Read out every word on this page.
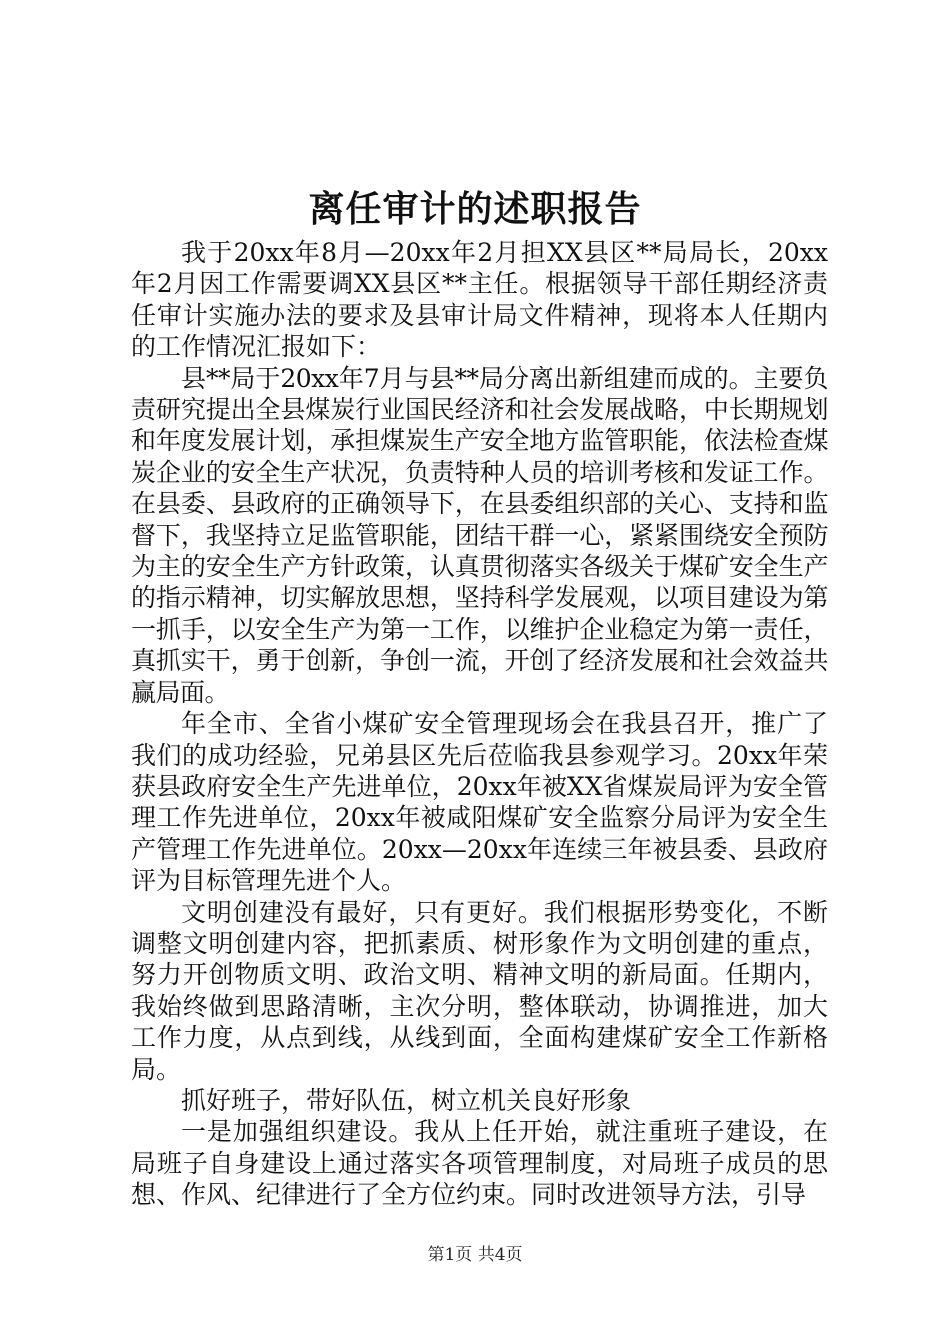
离任审计的述职报告

我于20xx年8月—20xx年2月担XX县区**局局长，20xx年2月因工作需要调XX县区**主任。根据领导干部任期经济责任审计实施办法的要求及县审计局文件精神，现将本人任期内的工作情况汇报如下：

县**局于20xx年7月与县**局分离出新组建而成的。主要负责研究提出全县煤炭行业国民经济和社会发展战略，中长期规划和年度发展计划，承担煤炭生产安全地方监管职能，依法检查煤炭企业的安全生产状况，负责特种人员的培训考核和发证工作。在县委、县政府的正确领导下，在县委组织部的关心、支持和监督下，我坚持立足监管职能，团结干群一心，紧紧围绕安全预防为主的安全生产方针政策，认真贯彻落实各级关于煤矿安全生产的指示精神，切实解放思想，坚持科学发展观，以项目建设为第一抓手，以安全生产为第一工作，以维护企业稳定为第一责任，真抓实干，勇于创新，争创一流，开创了经济发展和社会效益共赢局面。

年全市、全省小煤矿安全管理现场会在我县召开，推广了我们的成功经验，兄弟县区先后莅临我县参观学习。20xx年荣获县政府安全生产先进单位，20xx年被XX省煤炭局评为安全管理工作先进单位，20xx年被咸阳煤矿安全监察分局评为安全生产管理工作先进单位。20xx—20xx年连续三年被县委、县政府评为目标管理先进个人。

文明创建没有最好，只有更好。我们根据形势变化，不断调整文明创建内容，把抓素质、树形象作为文明创建的重点，努力开创物质文明、政治文明、精神文明的新局面。任期内，我始终做到思路清晰，主次分明，整体联动，协调推进，加大工作力度，从点到线，从线到面，全面构建煤矿安全工作新格局。

抓好班子，带好队伍，树立机关良好形象

一是加强组织建设。我从上任开始，就注重班子建设，在局班子自身建设上通过落实各项管理制度，对局班子成员的思想、作风、纪律进行了全方位约束。同时改进领导方法，引导

第1页 共4页
